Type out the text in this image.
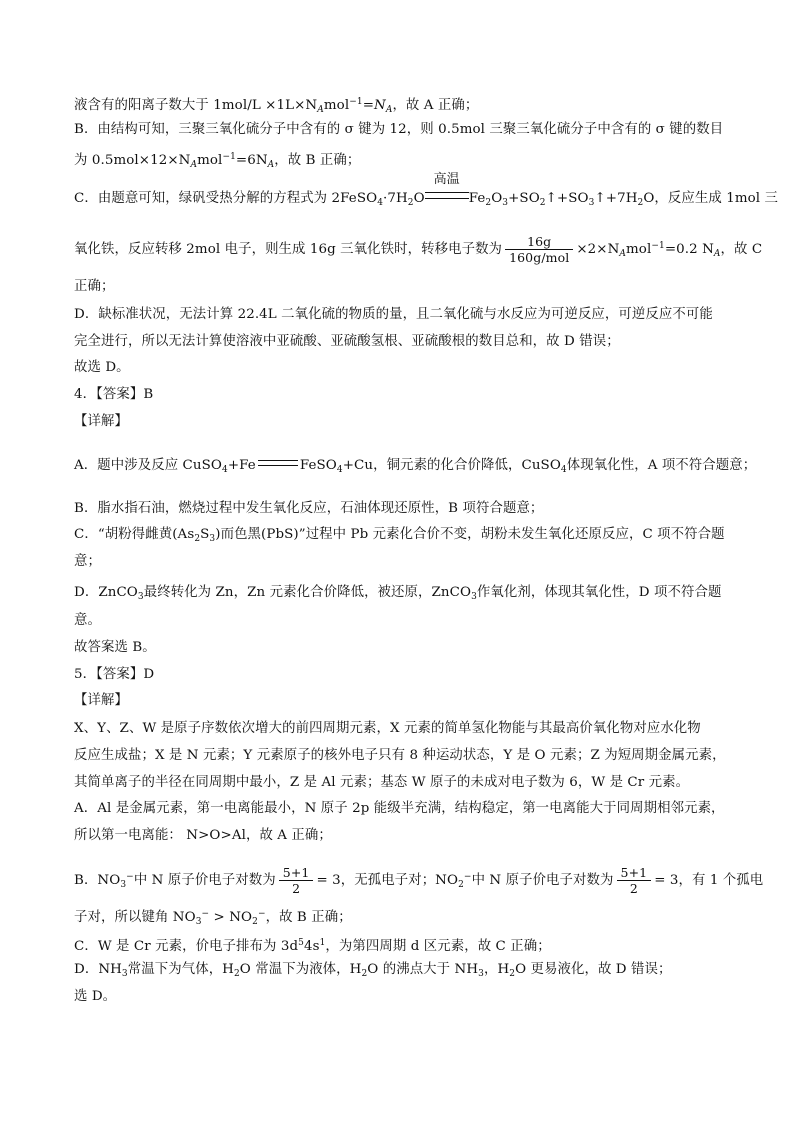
液含有的阳离子数大于 $1mol/L \times 1L\times N_Amol^{-1}=N_A$，故 A 正确；
B．由结构可知，三聚三氧化硫分子中含有的 σ 键为 12，则 0.5mol 三聚三氧化硫分子中含有的 σ 键的数目
为 $0.5mol\times 12\times N_Amol^{-1}=6N_A$，故 B 正确；
C．由题意可知，绿矾受热分解的方程式为 $2FeSO_4\cdot 7H_2O$
高温
$Fe_2O_3+SO_2↑+SO_3↑+7H_2O$，反应生成 1mol 三
氧化铁，反应转移 2mol 电子，则生成 16g 三氧化铁时，转移电子数为 $\frac{16g}{\text{160g/mol}} \times 2\times N_Amol^{-1}=0.2$ $N_A$，故 C
正确；
D．缺标准状况，无法计算 22.4L 二氧化硫的物质的量，且二氧化硫与水反应为可逆反应，可逆反应不可能
完全进行，所以无法计算使溶液中亚硫酸、亚硫酸氢根、亚硫酸根的数目总和，故 D 错误；
故选 D。
4．【答案】B
【详解】
A．题中涉及反应 CuSO$_4$+Fe	FeSO$_4$+Cu，铜元素的化合价降低，CuSO$_4$体现氧化性，A 项不符合题意；
B．脂水指石油，燃烧过程中发生氧化反应，石油体现还原性，B 项符合题意；
C．“胡粉得雌黄$(As_2S_3)$而色黑(PbS)”过程中 Pb 元素化合价不变，胡粉未发生氧化还原反应，C 项不符合题
意；
D．ZnCO$_3$最终转化为 Zn，Zn 元素化合价降低，被还原，ZnCO$_3$作氧化剂，体现其氧化性，D 项不符合题
意。
故答案选 B。
5．【答案】D
【详解】
X、Y、Z、W 是原子序数依次增大的前四周期元素，X 元素的简单氢化物能与其最高价氧化物对应水化物
反应生成盐；X 是 N 元素；Y 元素原子的核外电子只有 8 种运动状态，Y 是 O 元素；Z 为短周期金属元素，
其简单离子的半径在同周期中最小，Z 是 Al 元素；基态 W 原子的未成对电子数为 6，W 是 Cr 元素。
A．Al 是金属元素，第一电离能最小，N 原子 2p 能级半充满，结构稳定，第一电离能大于同周期相邻元素，
所以第一电离能： N>O>Al，故 A 正确；
B．$NO_3^-$中 N 原子价电子对数为 $\frac{5+1}{2} = 3$，无孤电子对；$NO_2^-$中 N 原子价电子对数为 $\frac{5+1}{2} = 3$，有 1 个孤电
子对，所以键角 $NO_3^- > NO_2^-$，故 B 正确；
C．W 是 Cr 元素，价电子排布为 $3d^54s^1$，为第四周期 d 区元素，故 C 正确；
D．$NH_3$常温下为气体，$H_2O$ 常温下为液体，$H_2O$ 的沸点大于 $NH_3$，$H_2O$ 更易液化，故 D 错误；
选 D。
